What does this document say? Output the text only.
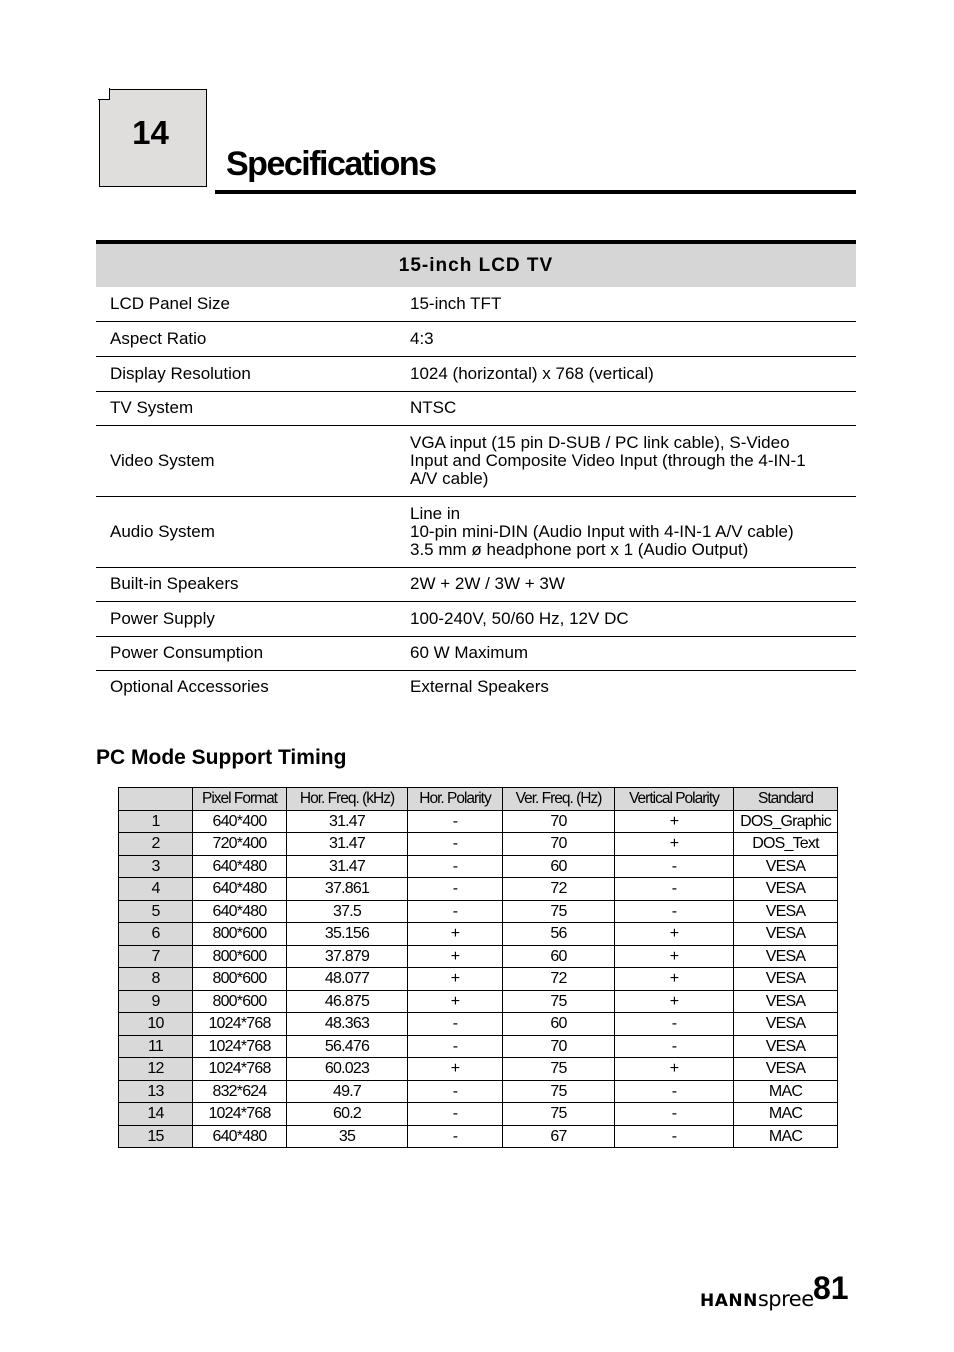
14
Specifications
15-inch LCD TV	
LCD Panel Size	15-inch TFT

Aspect Ratio	4:3

Display Resolution	1024 (horizontal) x 768 (vertical)

TV System	NTSC

Video System	VGA input (15 pin D-SUB / PC link cable), S-Video
Input and Composite Video Input (through the 4-IN-1
A/V cable)

Audio System	Line in
10-pin mini-DIN (Audio Input with 4-IN-1 A/V cable)
3.5 mm ø headphone port x 1 (Audio Output)

Built-in Speakers	2W + 2W / 3W + 3W

Power Supply	100-240V, 50/60 Hz, 12V DC

Power Consumption	60 W Maximum

Optional Accessories	External Speakers
PC Mode Support Timing
	Pixel Format	Hor. Freq. (kHz)	Hor. Polarity	Ver. Freq. (Hz)	Vertical Polarity	Standard
1	640*400	31.47	-	70	+	DOS_Graphic
2	720*400	31.47	-	70	+	DOS_Text
3	640*480	31.47	-	60	-	VESA
4	640*480	37.861	-	72	-	VESA
5	640*480	37.5	-	75	-	VESA
6	800*600	35.156	+	56	+	VESA
7	800*600	37.879	+	60	+	VESA
8	800*600	48.077	+	72	+	VESA
9	800*600	46.875	+	75	+	VESA
10	1024*768	48.363	-	60	-	VESA
11	1024*768	56.476	-	70	-	VESA
12	1024*768	60.023	+	75	+	VESA
13	832*624	49.7	-	75	-	MAC
14	1024*768	60.2	-	75	-	MAC
15	640*480	35	-	67	-	MAC
HANNspree 81
